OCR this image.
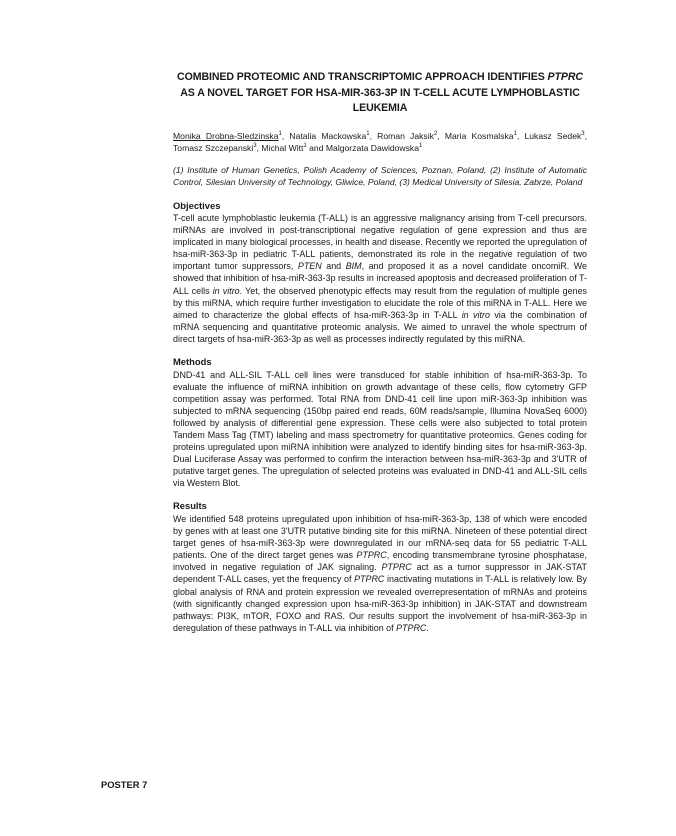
COMBINED PROTEOMIC AND TRANSCRIPTOMIC APPROACH IDENTIFIES PTPRC AS A NOVEL TARGET FOR HSA-MIR-363-3P IN T-CELL ACUTE LYMPHOBLASTIC LEUKEMIA
Monika Drobna-Sledzinska$^1$, Natalia Mackowska$^1$, Roman Jaksik$^2$, Maria Kosmalska$^1$, Lukasz Sedek$^3$, Tomasz Szczepanski$^3$, Michal Witt$^1$ and Malgorzata Dawidowska$^1$
(1) Institute of Human Genetics, Polish Academy of Sciences, Poznan, Poland, (2) Institute of Automatic Control, Silesian University of Technology, Gliwice, Poland, (3) Medical University of Silesia, Zabrze, Poland
Objectives

T-cell acute lymphoblastic leukemia (T-ALL) is an aggressive malignancy arising from T-cell precursors. miRNAs are involved in post-transcriptional negative regulation of gene expression and thus are implicated in many biological processes, in health and disease. Recently we reported the upregulation of hsa-miR-363-3p in pediatric T-ALL patients, demonstrated its role in the negative regulation of two important tumor suppressors, PTEN and BIM, and proposed it as a novel candidate oncomiR. We showed that inhibition of hsa-miR-363-3p results in increased apoptosis and decreased proliferation of T-ALL cells in vitro. Yet, the observed phenotypic effects may result from the regulation of multiple genes by this miRNA, which require further investigation to elucidate the role of this miRNA in T-ALL. Here we aimed to characterize the global effects of hsa-miR-363-3p in T-ALL in vitro via the combination of mRNA sequencing and quantitative proteomic analysis. We aimed to unravel the whole spectrum of direct targets of hsa-miR-363-3p as well as processes indirectly regulated by this miRNA.

Methods

DND-41 and ALL-SIL T-ALL cell lines were transduced for stable inhibition of hsa-miR-363-3p. To evaluate the influence of miRNA inhibition on growth advantage of these cells, flow cytometry GFP competition assay was performed. Total RNA from DND-41 cell line upon miR-363-3p inhibition was subjected to mRNA sequencing (150bp paired end reads, 60M reads/sample, Illumina NovaSeq 6000) followed by analysis of differential gene expression. These cells were also subjected to total protein Tandem Mass Tag (TMT) labeling and mass spectrometry for quantitative proteomics. Genes coding for proteins upregulated upon miRNA inhibition were analyzed to identify binding sites for hsa-miR-363-3p. Dual Luciferase Assay was performed to confirm the interaction between hsa-miR-363-3p and 3'UTR of putative target genes. The upregulation of selected proteins was evaluated in DND-41 and ALL-SIL cells via Western Blot.

Results

We identified 548 proteins upregulated upon inhibition of hsa-miR-363-3p, 138 of which were encoded by genes with at least one 3'UTR putative binding site for this miRNA. Nineteen of these potential direct target genes of hsa-miR-363-3p were downregulated in our mRNA-seq data for 55 pediatric T-ALL patients. One of the direct target genes was PTPRC, encoding transmembrane tyrosine phosphatase, involved in negative regulation of JAK signaling. PTPRC act as a tumor suppressor in JAK-STAT dependent T-ALL cases, yet the frequency of PTPRC inactivating mutations in T-ALL is relatively low. By global analysis of RNA and protein expression we revealed overrepresentation of mRNAs and proteins (with significantly changed expression upon hsa-miR-363-3p inhibition) in JAK-STAT and downstream pathways: PI3K, mTOR, FOXO and RAS. Our results support the involvement of hsa-miR-363-3p in deregulation of these pathways in T-ALL via inhibition of PTPRC.

POSTER 7
